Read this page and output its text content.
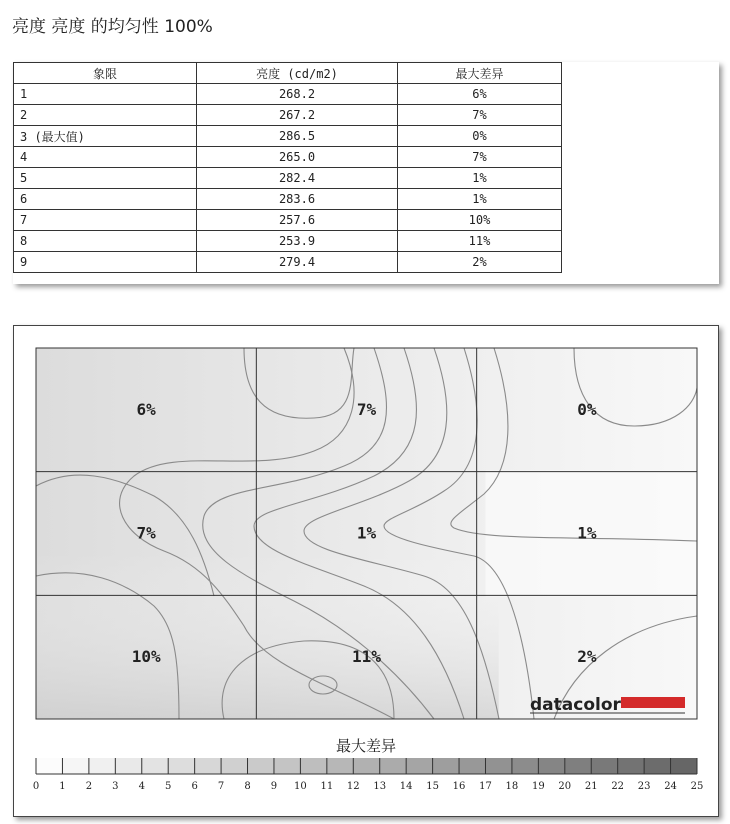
亮度 亮度 的均匀性 100%
象限	亮度 (cd/m2)	最大差异
1	268.2	6%
2	267.2	7%
3 (最大值)	286.5	0%
4	265.0	7%
5	282.4	1%
6	283.6	1%
7	257.6	10%
8	253.9	11%
9	279.4	2%
6%	7%	0%
7%	1%	1%
10%	11%	2%
datacolor
最大差异
0 1 2 3 4 5 6 7 8 9 10 11 12 13 14 15 16 17 18 19 20 21 22 23 24 25
